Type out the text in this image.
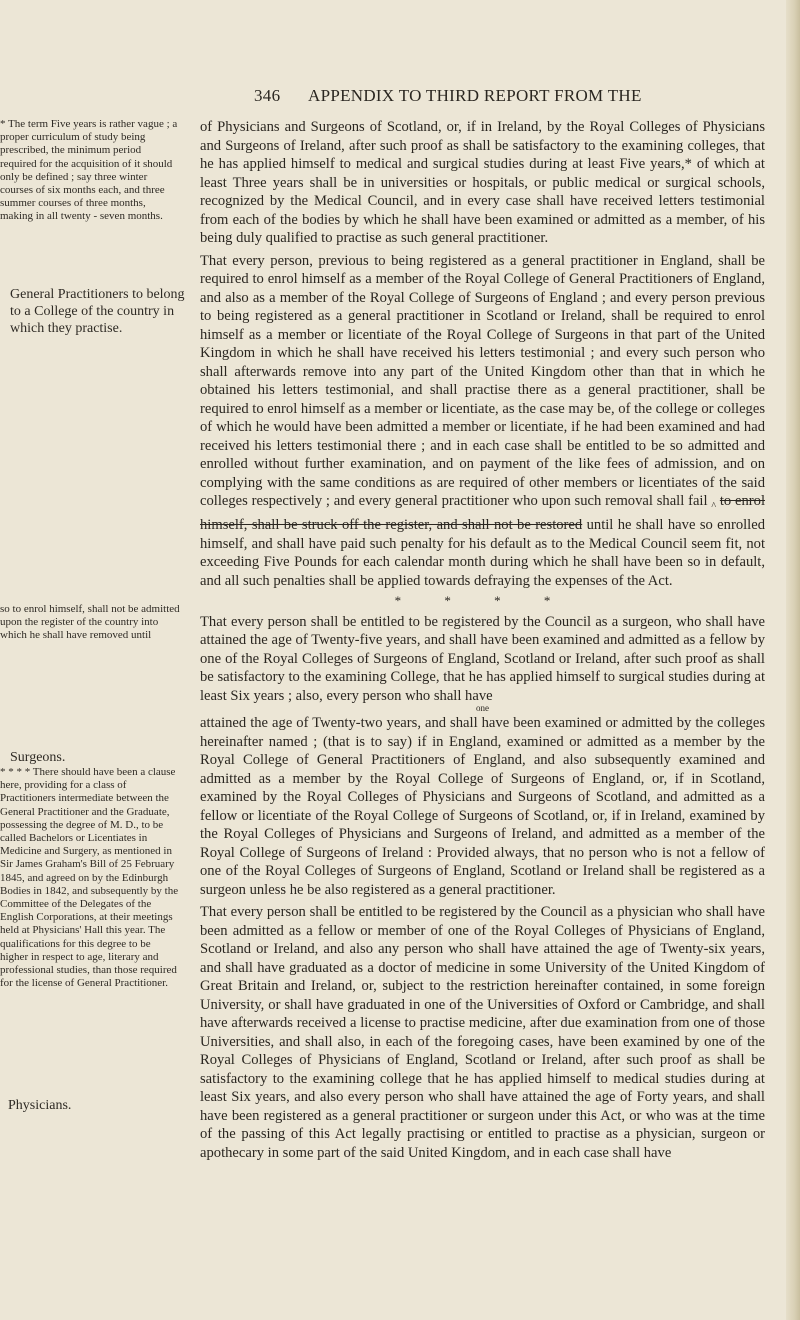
346 APPENDIX TO THIRD REPORT FROM THE
* The term Five years is rather vague ; a proper curriculum of study being prescribed, the minimum period required for the acquisition of it should only be defined ; say three winter courses of six months each, and three summer courses of three months, making in all twenty - seven months.
General Practitioners to belong to a College of the country in which they practise.
so to enrol himself, shall not be admitted upon the register of the country into which he shall have removed until
Surgeons.
* * * * There should have been a clause here, providing for a class of Practitioners intermediate between the General Practitioner and the Graduate, possessing the degree of M. D., to be called Bachelors or Licentiates in Medicine and Surgery, as mentioned in Sir James Graham's Bill of 25 February 1845, and agreed on by the Edinburgh Bodies in 1842, and subsequently by the Committee of the Delegates of the English Corporations, at their meetings held at Physicians' Hall this year. The qualifications for this degree to be higher in respect to age, literary and professional studies, than those required for the license of General Practitioner.
Physicians.

of Physicians and Surgeons of Scotland, or, if in Ireland, by the Royal Colleges of Physicians and Surgeons of Ireland, after such proof as shall be satisfactory to the examining colleges, that he has applied himself to medical and surgical studies during at least Five years,* of which at least Three years shall be in universities or hospitals, or public medical or surgical schools, recognized by the Medical Council, and in every case shall have received letters testimonial from each of the bodies by which he shall have been examined or admitted as a member, of his being duly qualified to practise as such general practitioner.

That every person, previous to being registered as a general practitioner in England, shall be required to enrol himself as a member of the Royal College of General Practitioners of England, and also as a member of the Royal College of Surgeons of England ; and every person previous to being registered as a general practitioner in Scotland or Ireland, shall be required to enrol himself as a member or licentiate of the Royal College of Surgeons in that part of the United Kingdom in which he shall have received his letters testimonial ; and every such person who shall afterwards remove into any part of the United Kingdom other than that in which he obtained his letters testimonial, and shall practise there as a general practitioner, shall be required to enrol himself as a member or licentiate, as the case may be, of the college or colleges of which he would have been admitted a member or licentiate, if he had been examined and had received his letters testimonial there ; and in each case shall be entitled to be so admitted and enrolled without further examination, and on payment of the like fees of admission, and on complying with the same conditions as are required of other members or licentiates of the said colleges respectively ; and every general practitioner who upon such removal shall fail $_{\^{}}$ to enrol himself, shall be struck off the register, and shall not be restored until he shall have so enrolled himself, and shall have paid such penalty for his default as to the Medical Council seem fit, not exceeding Five Pounds for each calendar month during which he shall have been so in default, and all such penalties shall be applied towards defraying the expenses of the Act.

* * * *

That every person shall be entitled to be registered by the Council as a surgeon, who shall have attained the age of Twenty-five years, and shall have been examined and admitted as a fellow by one of the Royal Colleges of Surgeons of England, Scotland or Ireland, after such proof as shall be satisfactory to the examining College, that he has applied himself to surgical studies during at least Six years ; also, every person who shall have
one
attained the age of Twenty-two years, and shall have been examined or admitted by the colleges hereinafter named ; (that is to say) if in England, examined or admitted as a member by the Royal College of General Practitioners of England, and also subsequently examined and admitted as a member by the Royal College of Surgeons of England, or, if in Scotland, examined by the Royal Colleges of Physicians and Surgeons of Scotland, and admitted as a fellow or licentiate of the Royal College of Surgeons of Scotland, or, if in Ireland, examined by the Royal Colleges of Physicians and Surgeons of Ireland, and admitted as a member of the Royal College of Surgeons of Ireland : Provided always, that no person who is not a fellow of one of the Royal Colleges of Surgeons of England, Scotland or Ireland shall be registered as a surgeon unless he be also registered as a general practitioner.

That every person shall be entitled to be registered by the Council as a physician who shall have been admitted as a fellow or member of one of the Royal Colleges of Physicians of England, Scotland or Ireland, and also any person who shall have attained the age of Twenty-six years, and shall have graduated as a doctor of medicine in some University of the United Kingdom of Great Britain and Ireland, or, subject to the restriction hereinafter contained, in some foreign University, or shall have graduated in one of the Universities of Oxford or Cambridge, and shall have afterwards received a license to practise medicine, after due examination from one of those Universities, and shall also, in each of the foregoing cases, have been examined by one of the Royal Colleges of Physicians of England, Scotland or Ireland, after such proof as shall be satisfactory to the examining college that he has applied himself to medical studies during at least Six years, and also every person who shall have attained the age of Forty years, and shall have been registered as a general practitioner or surgeon under this Act, or who was at the time of the passing of this Act legally practising or entitled to practise as a physician, surgeon or apothecary in some part of the said United Kingdom, and in each case shall have
